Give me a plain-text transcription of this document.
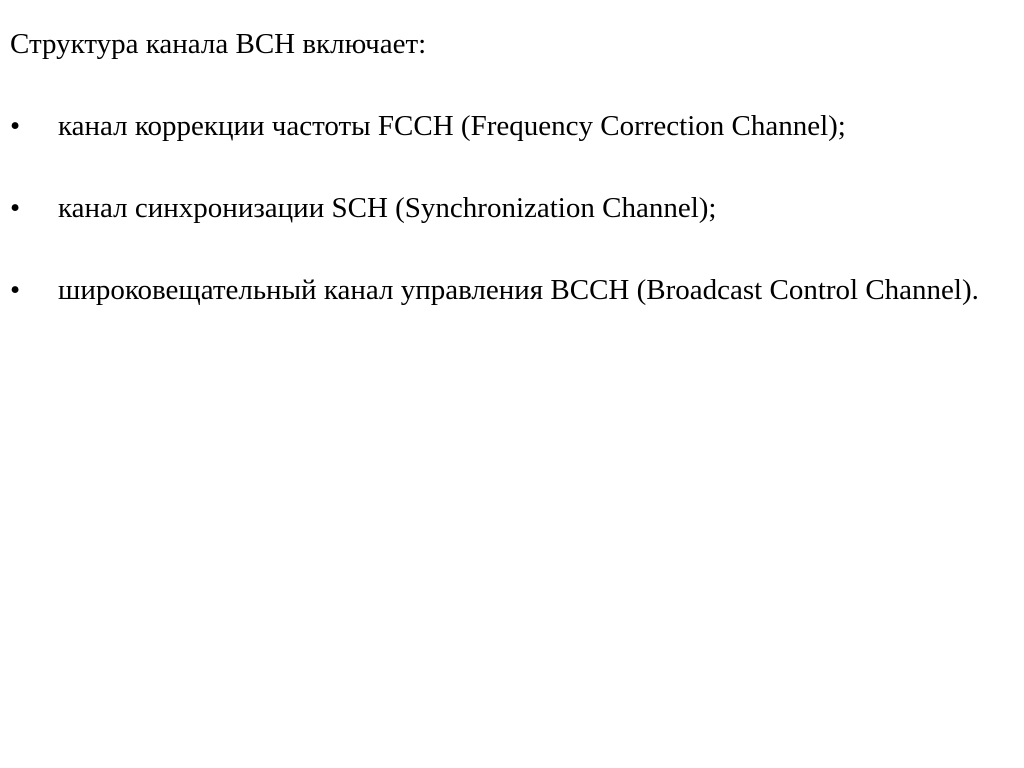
Структура канала BCH включает:

• канал коррекции частоты FCCH (Frequency Correction Channel);
• канал синхронизации SCH (Synchronization Channel);
• широковещательный канал управления BCCH (Broadcast Control Channel).
